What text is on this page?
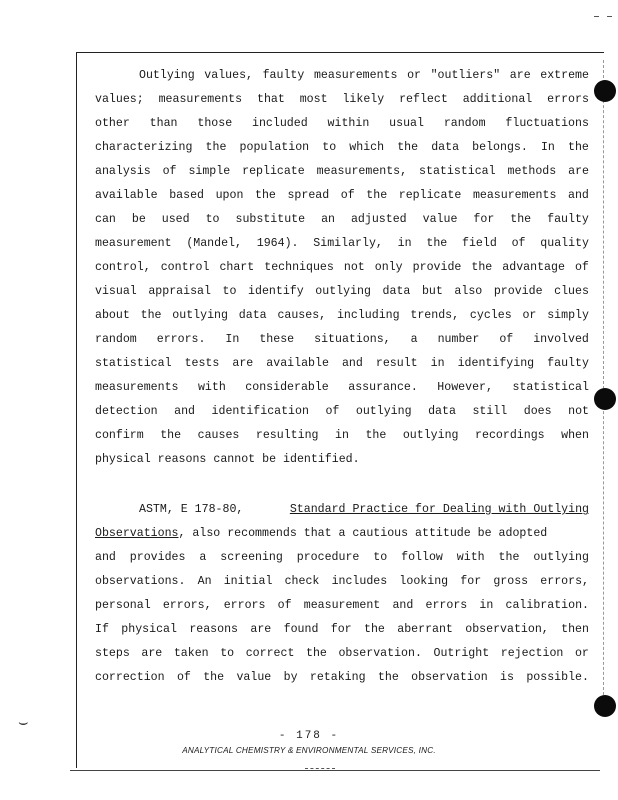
⌣
Outlying values, faulty measurements or "outliers" are extreme
values; measurements that most likely reflect additional errors
other than those included within usual random fluctuations
characterizing the population to which the data belongs. In the
analysis of simple replicate measurements, statistical methods are
available based upon the spread of the replicate measurements and
can be used to substitute an adjusted value for the faulty
measurement (Mandel, 1964). Similarly, in the field of quality
control, control chart techniques not only provide the advantage of
visual appraisal to identify outlying data but also provide clues
about the outlying data causes, including trends, cycles or simply
random errors. In these situations, a number of involved
statistical tests are available and result in identifying faulty
measurements with considerable assurance. However, statistical
detection and identification of outlying data still does not
confirm the causes resulting in the outlying recordings when
physical reasons cannot be identified.
ASTM, E 178-80,	Standard Practice for Dealing with Outlying
Observations , also recommends that a cautious attitude be adopted
and provides a screening procedure to follow with the outlying
observations. An initial check includes looking for gross errors,
personal errors, errors of measurement and errors in calibration.
If physical reasons are found for the aberrant observation, then
steps are taken to correct the observation. Outright rejection or
correction of the value by retaking the observation is possible.
- 178 -
ANALYTICAL CHEMISTRY & ENVIRONMENTAL SERVICES, INC.
